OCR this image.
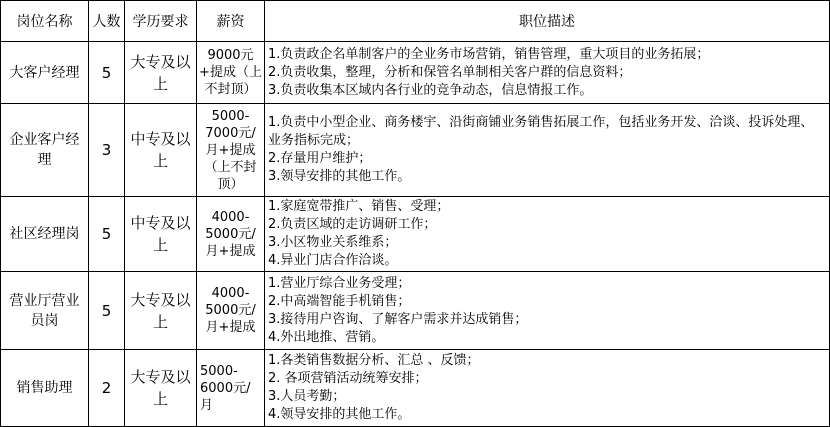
岗位名称	人数	学历要求	薪资	职位描述
大客户经理	5	大专及以上	9000元+提成（上不封顶）	1.负责政企名单制客户的全业务市场营销，销售管理，重大项目的业务拓展；
2.负责收集，整理，分析和保管名单制相关客户群的信息资料；
3.负责收集本区域内各行业的竞争动态，信息情报工作。

企业客户经理	3	中专及以上	5000-7000元/月+提成（上不封顶）	1.负责中小型企业、商务楼宇、沿街商铺业务销售拓展工作，包括业务开发、洽谈、投诉处理、业务指标完成；
2.存量用户维护；
3.领导安排的其他工作。

社区经理岗	5	中专及以上	4000-5000元/月+提成	1.家庭宽带推广、销售、受理；
2.负责区域的走访调研工作；
3.小区物业关系维系；
4.异业门店合作洽谈。

营业厅营业员岗	5	大专及以上	4000-5000元/月+提成	1.营业厅综合业务受理；
2.中高端智能手机销售；
3.接待用户咨询、了解客户需求并达成销售；
4.外出地推、营销。

销售助理	2	大专及以上	5000-6000元/月	1.各类销售数据分析、汇总 、反馈；
2. 各项营销活动统筹安排；
3.人员考勤；
4.领导安排的其他工作。
